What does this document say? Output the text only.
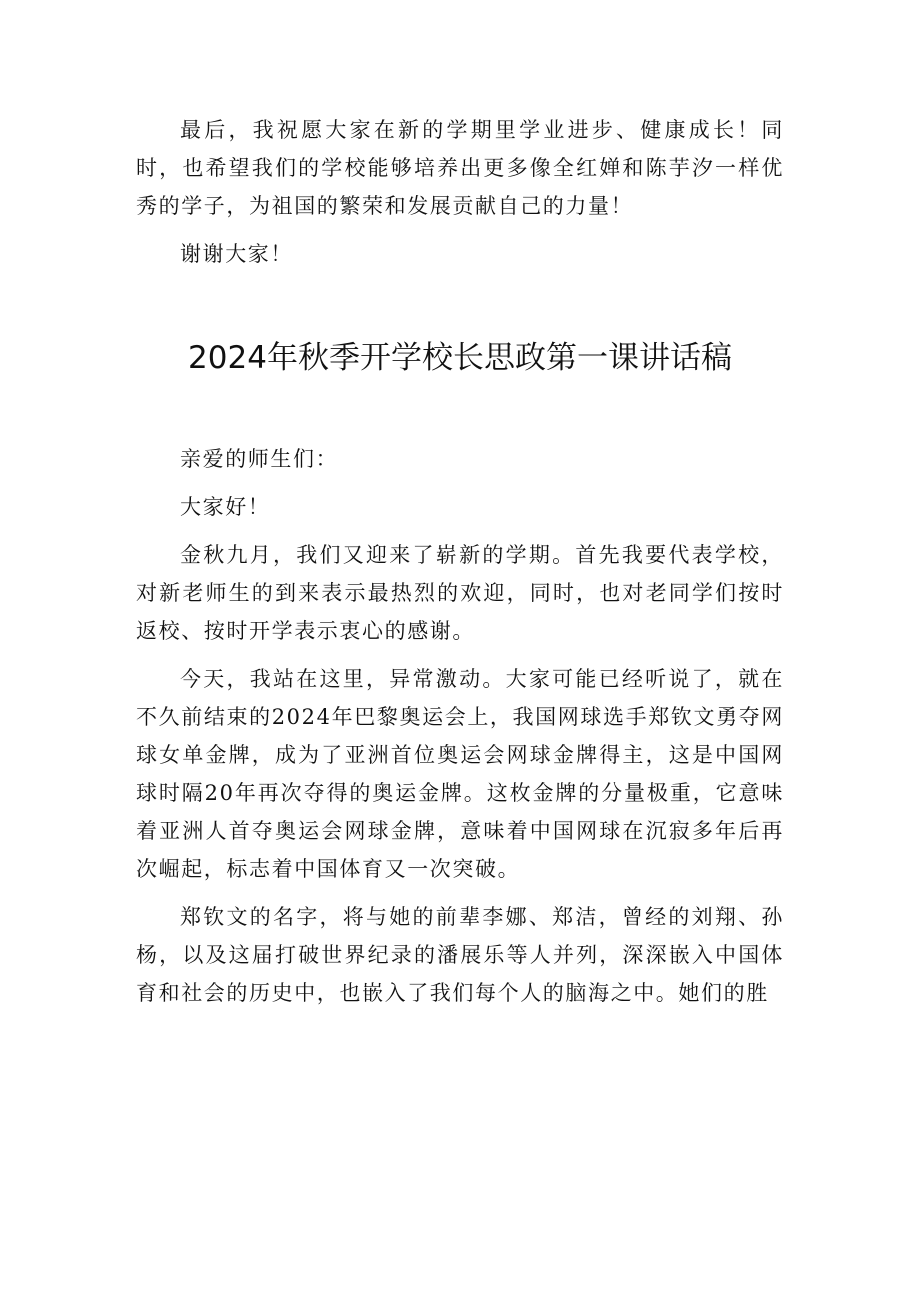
最后，我祝愿大家在新的学期里学业进步、健康成长！同时，也希望我们的学校能够培养出更多像全红婵和陈芋汐一样优秀的学子，为祖国的繁荣和发展贡献自己的力量！

谢谢大家！

2024年秋季开学校长思政第一课讲话稿

亲爱的师生们：

大家好！

金秋九月，我们又迎来了崭新的学期。首先我要代表学校，对新老师生的到来表示最热烈的欢迎，同时，也对老同学们按时返校、按时开学表示衷心的感谢。

今天，我站在这里，异常激动。大家可能已经听说了，就在不久前结束的2024年巴黎奥运会上，我国网球选手郑钦文勇夺网球女单金牌，成为了亚洲首位奥运会网球金牌得主，这是中国网球时隔20年再次夺得的奥运金牌。这枚金牌的分量极重，它意味着亚洲人首夺奥运会网球金牌，意味着中国网球在沉寂多年后再次崛起，标志着中国体育又一次突破。

郑钦文的名字，将与她的前辈李娜、郑洁，曾经的刘翔、孙杨，以及这届打破世界纪录的潘展乐等人并列，深深嵌入中国体育和社会的历史中，也嵌入了我们每个人的脑海之中。她们的胜
